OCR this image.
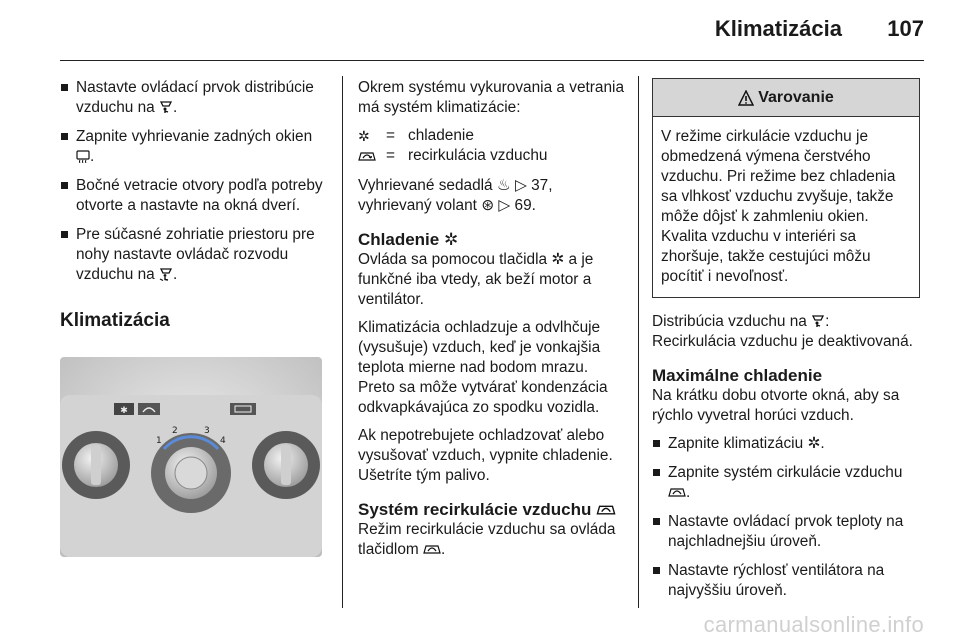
Klimatizácia 107
Nastavte ovládací prvok distribúcie vzduchu na .
Zapnite vyhrievanie zadných okien .
Bočné vetracie otvory podľa potreby otvorte a nastavte na okná dverí.
Pre súčasné zohriatie priestoru pre nohy nastavte ovládač rozvodu vzduchu na .
Klimatizácia
✱
1
2	3
4
Okrem systému vykurovania a vetrania má systém klimatizácie:
✲	= chladenie
= recirkulácia vzduchu
Vyhrievané sedadlá ♨ ▷ 37,
vyhrievaný volant ⊛ ▷ 69.
Chladenie ✲
Ovláda sa pomocou tlačidla ✲ a je funkčné iba vtedy, ak beží motor a ventilátor.
Klimatizácia ochladzuje a odvlhčuje (vysušuje) vzduch, keď je vonkajšia teplota mierne nad bodom mrazu. Preto sa môže vytvárať kondenzácia odkvapkávajúca zo spodku vozidla.
Ak nepotrebujete ochladzovať alebo vysušovať vzduch, vypnite chladenie. Ušetríte tým palivo.
Systém recirkulácie vzduchu
Režim recirkulácie vzduchu sa ovláda tlačidlom .
Varovanie
V režime cirkulácie vzduchu je obmedzená výmena čerstvého vzduchu. Pri režime bez chladenia sa vlhkosť vzduchu zvyšuje, takže môže dôjsť k zahmleniu okien. Kvalita vzduchu v interiéri sa zhoršuje, takže cestujúci môžu pocítiť i nevoľnosť.
Distribúcia vzduchu na :
Recirkulácia vzduchu je deaktivovaná.
Maximálne chladenie
Na krátku dobu otvorte okná, aby sa rýchlo vyvetral horúci vzduch.
Zapnite klimatizáciu ✲.
Zapnite systém cirkulácie vzduchu .
Nastavte ovládací prvok teploty na najchladnejšiu úroveň.
Nastavte rýchlosť ventilátora na najvyššiu úroveň.
carmanualsonline.info
